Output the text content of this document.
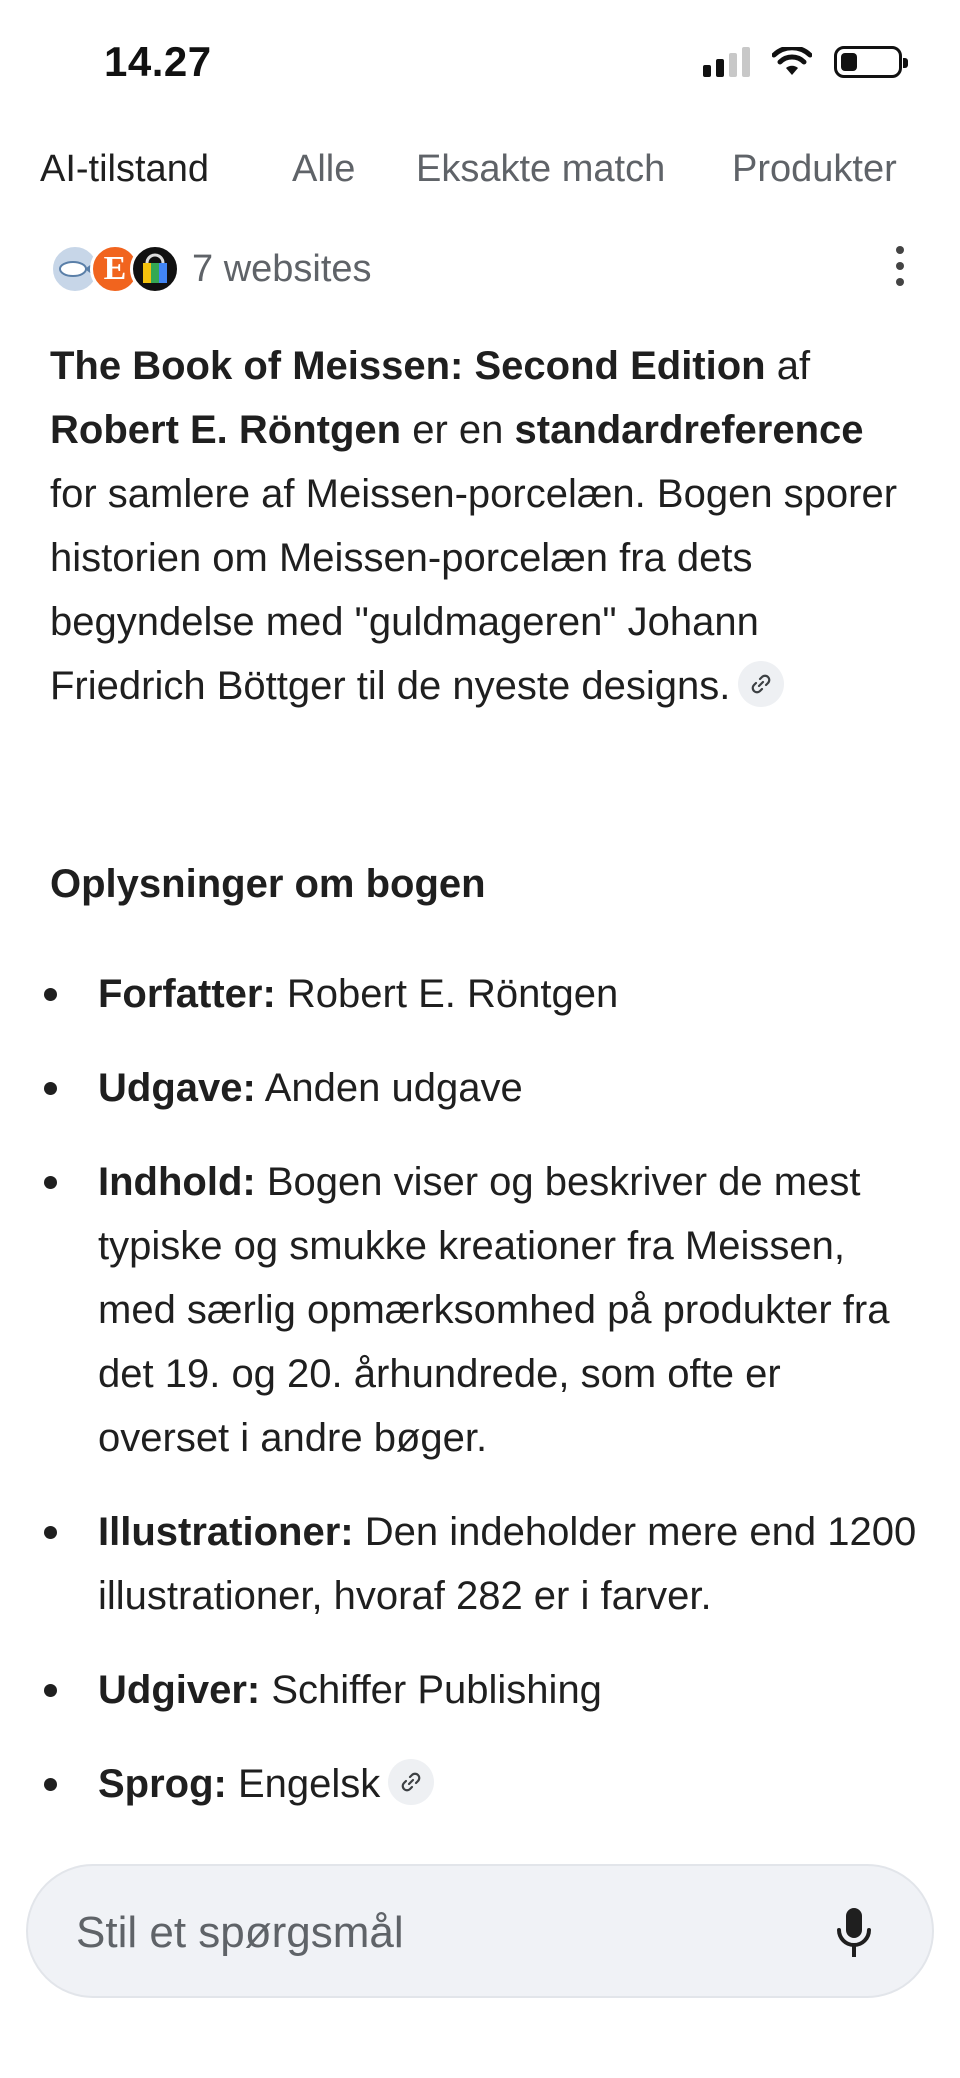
14.27
AI-tilstand Alle Eksakte match Produkter
E 7 websites

The Book of Meissen: Second Edition af Robert E. Röntgen er en standardreference for samlere af Meissen-porcelæn. Bogen sporer historien om Meissen-porcelæn fra dets begyndelse med "guldmageren" Johann Friedrich Böttger til de nyeste designs.

Oplysninger om bogen
Forfatter: Robert E. Röntgen
Udgave: Anden udgave
Indhold: Bogen viser og beskriver de mest typiske og smukke kreationer fra Meissen, med særlig opmærksomhed på produkter fra det 19. og 20. århundrede, som ofte er overset i andre bøger.
Illustrationer: Den indeholder mere end 1200 illustrationer, hvoraf 282 er i farver.
Udgiver: Schiffer Publishing
Sprog: Engelsk
Stil et spørgsmål
